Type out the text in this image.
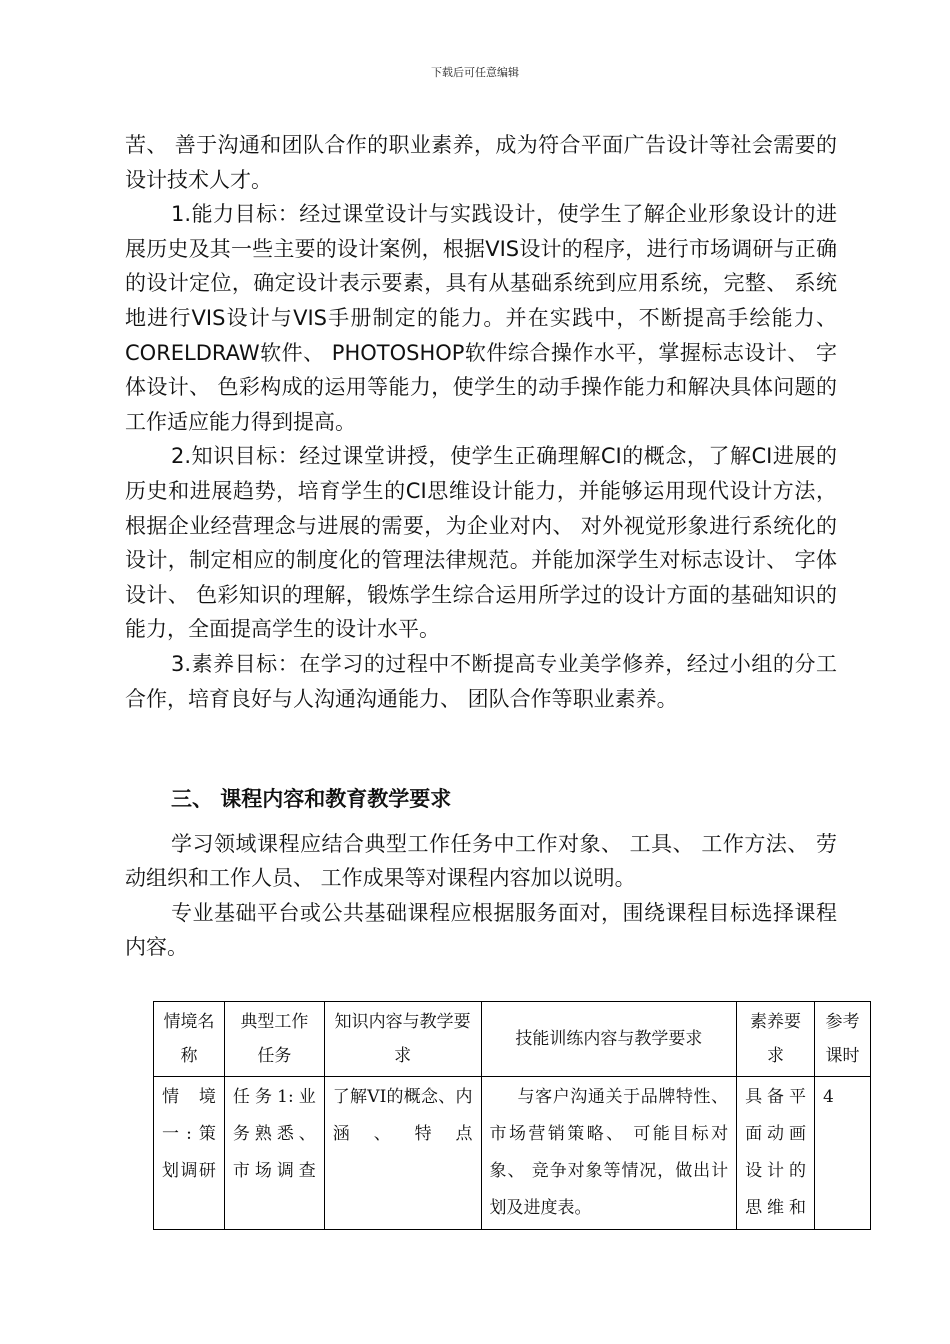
下载后可任意编辑

苦、 善于沟通和团队合作的职业素养，成为符合平面广告设计等社会需要的设计技术人才。

1.能力目标：经过课堂设计与实践设计，使学生了解企业形象设计的进展历史及其一些主要的设计案例，根据VIS设计的程序，进行市场调研与正确的设计定位，确定设计表示要素，具有从基础系统到应用系统，完整、 系统地进行VIS设计与VIS手册制定的能力。并在实践中，不断提高手绘能力、 CORELDRAW软件、 PHOTOSHOP软件综合操作水平，掌握标志设计、 字体设计、 色彩构成的运用等能力，使学生的动手操作能力和解决具体问题的工作适应能力得到提高。

2.知识目标：经过课堂讲授，使学生正确理解CI的概念，了解CI进展的历史和进展趋势，培育学生的CI思维设计能力，并能够运用现代设计方法，根据企业经营理念与进展的需要，为企业对内、 对外视觉形象进行系统化的设计，制定相应的制度化的管理法律规范。并能加深学生对标志设计、 字体设计、 色彩知识的理解，锻炼学生综合运用所学过的设计方面的基础知识的能力，全面提高学生的设计水平。

3.素养目标：在学习的过程中不断提高专业美学修养，经过小组的分工合作，培育良好与人沟通沟通能力、 团队合作等职业素养。

三、 课程内容和教育教学要求

学习领域课程应结合典型工作任务中工作对象、 工具、 工作方法、 劳动组织和工作人员、 工作成果等对课程内容加以说明。

专业基础平台或公共基础课程应根据服务面对，围绕课程目标选择课程内容。

情境名称	典型工作任务	知识内容与教学要求	技能训练内容与教学要求	素养要求	参考课时
情境一:策划调研	任务1:业务熟悉、市场调查	了解VI的概念、内涵、特点	与客户沟通关于品牌特性、 市场营销策略、 可能目标对象、 竞争对象等情况，做出计划及进度表。	具备平面动画设计的思维和	4
